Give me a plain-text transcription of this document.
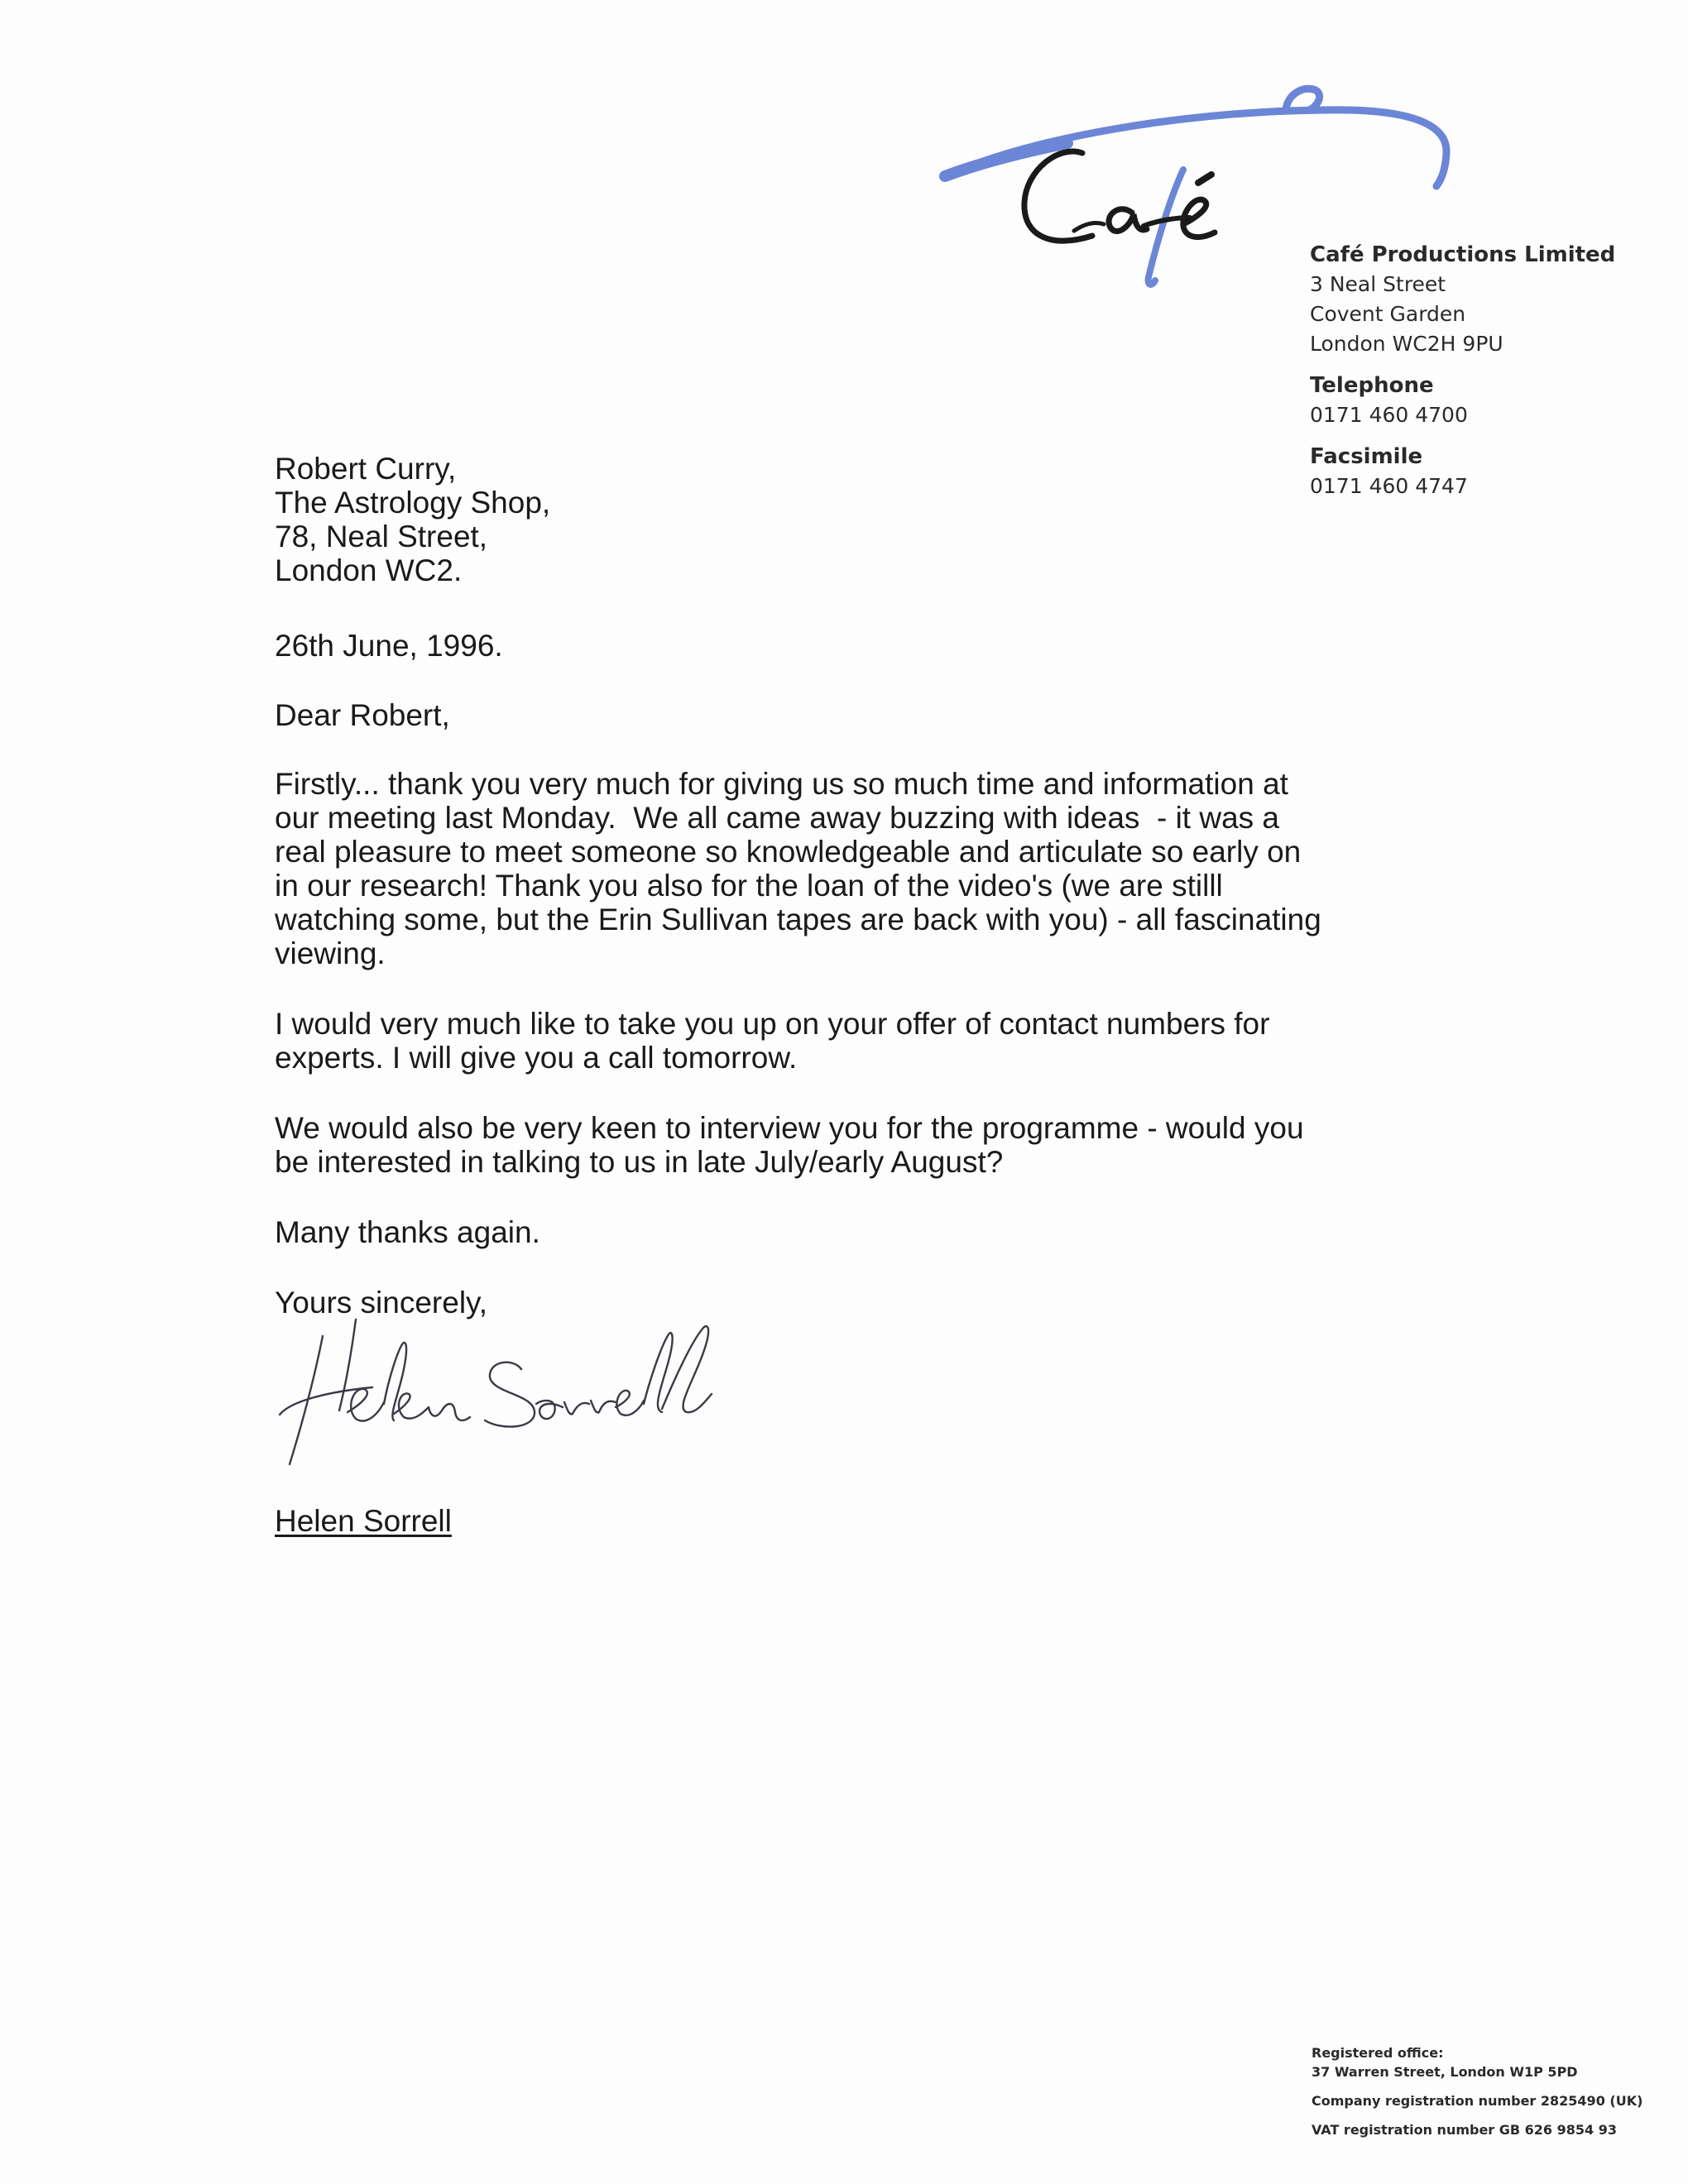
Café Productions Limited
3 Neal Street
Covent Garden
London WC2H 9PU
Telephone
0171 460 4700
Facsimile
0171 460 4747
Robert Curry,
The Astrology Shop,
78, Neal Street,
London WC2.
26th June, 1996.
Dear Robert,
Firstly... thank you very much for giving us so much time and information at
our meeting last Monday.  We all came away buzzing with ideas  - it was a
real pleasure to meet someone so knowledgeable and articulate so early on
in our research! Thank you also for the loan of the video's (we are stilll
watching some, but the Erin Sullivan tapes are back with you) - all fascinating
viewing.
I would very much like to take you up on your offer of contact numbers for
experts. I will give you a call tomorrow.
We would also be very keen to interview you for the programme - would you
be interested in talking to us in late July/early August?
Many thanks again.
Yours sincerely,
Helen Sorrell
Registered office:
37 Warren Street, London W1P 5PD
Company registration number 2825490 (UK)
VAT registration number GB 626 9854 93
